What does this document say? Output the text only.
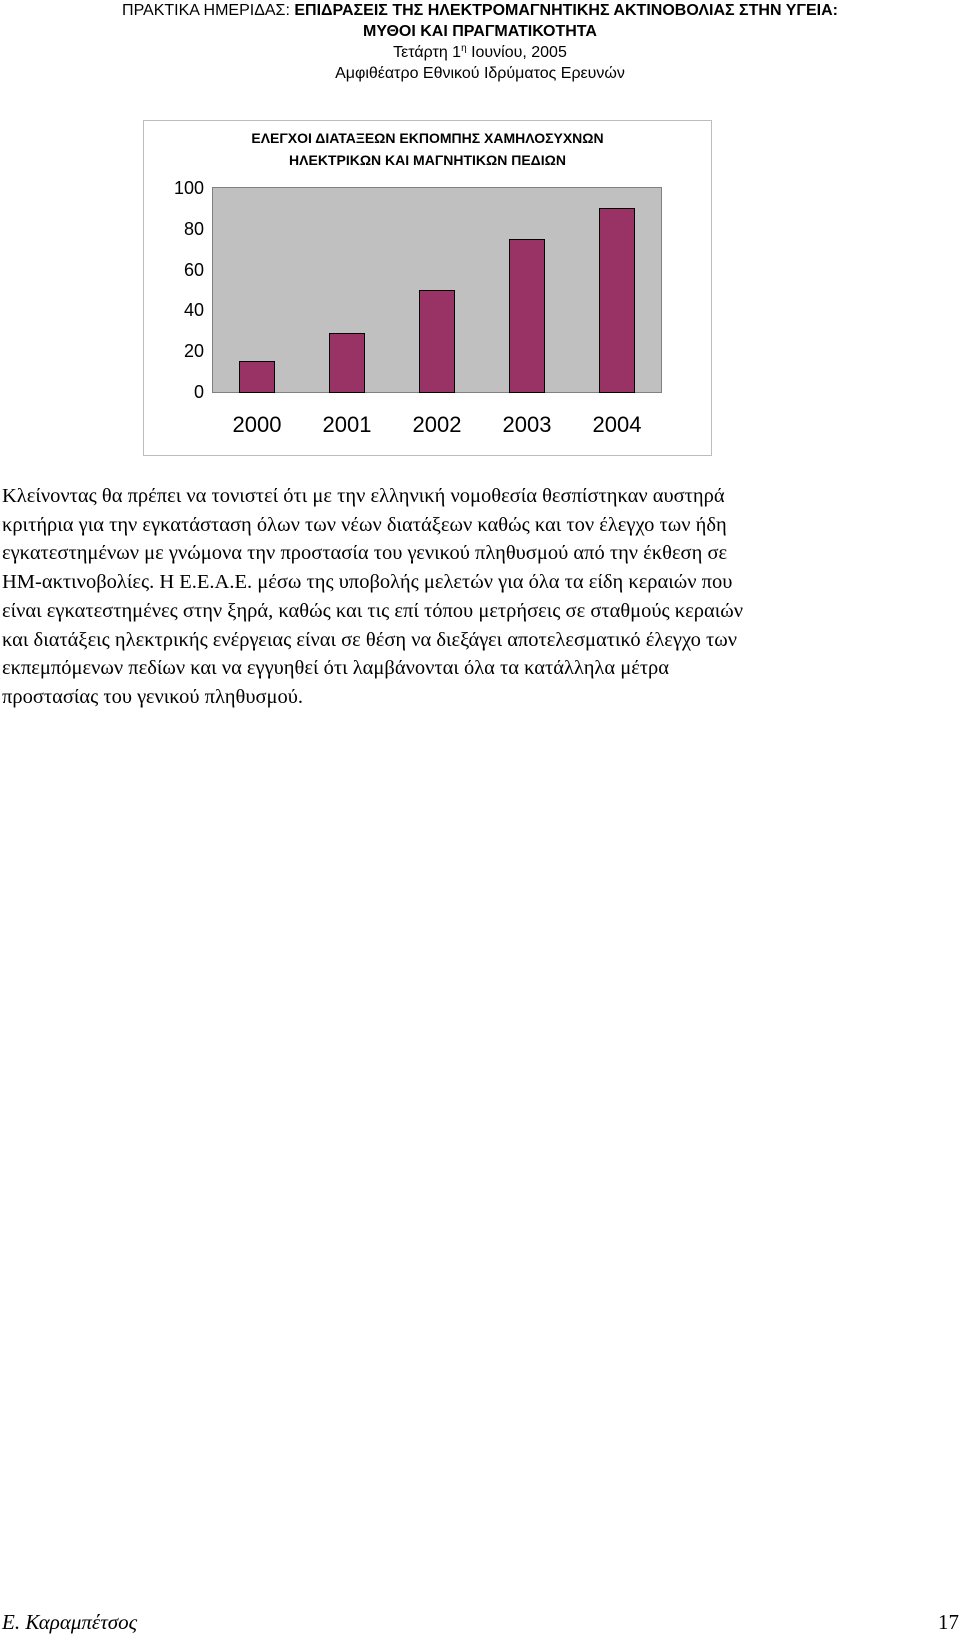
ΠΡΑΚΤΙΚΑ ΗΜΕΡΙΔΑΣ: ΕΠΙΔΡΑΣΕΙΣ ΤΗΣ ΗΛΕΚΤΡΟΜΑΓΝΗΤΙΚΗΣ ΑΚΤΙΝΟΒΟΛΙΑΣ ΣΤΗΝ ΥΓΕΙΑ:
ΜΥΘΟΙ ΚΑΙ ΠΡΑΓΜΑΤΙΚΟΤΗΤΑ
Τετάρτη $1^\eta$ Ιουνίου, 2005
Αμφιθέατρο Εθνικού Ιδρύματος Ερευνών
ΕΛΕΓΧΟΙ ΔΙΑΤΑΞΕΩΝ ΕΚΠΟΜΠΗΣ ΧΑΜΗΛΟΣΥΧΝΩΝ
ΗΛΕΚΤΡΙΚΩΝ ΚΑΙ ΜΑΓΝΗΤΙΚΩΝ ΠΕΔΙΩΝ
0
20
40
60
80
100
2000	2001	2002	2003	2004
Κλείνοντας θα πρέπει να τονιστεί ότι με την ελληνική νομοθεσία θεσπίστηκαν αυστηρά
κριτήρια για την εγκατάσταση όλων των νέων διατάξεων καθώς και τον έλεγχο των ήδη
εγκατεστημένων με γνώμονα την προστασία του γενικού πληθυσμού από την έκθεση σε
ΗΜ-ακτινοβολίες. Η Ε.Ε.Α.Ε. μέσω της υποβολής μελετών για όλα τα είδη κεραιών που
είναι εγκατεστημένες στην ξηρά, καθώς και τις επί τόπου μετρήσεις σε σταθμούς κεραιών
και διατάξεις ηλεκτρικής ενέργειας είναι σε θέση να διεξάγει αποτελεσματικό έλεγχο των
εκπεμπόμενων πεδίων και να εγγυηθεί ότι λαμβάνονται όλα τα κατάλληλα μέτρα
προστασίας του γενικού πληθυσμού.
Ε. Καραμπέτσος	17
